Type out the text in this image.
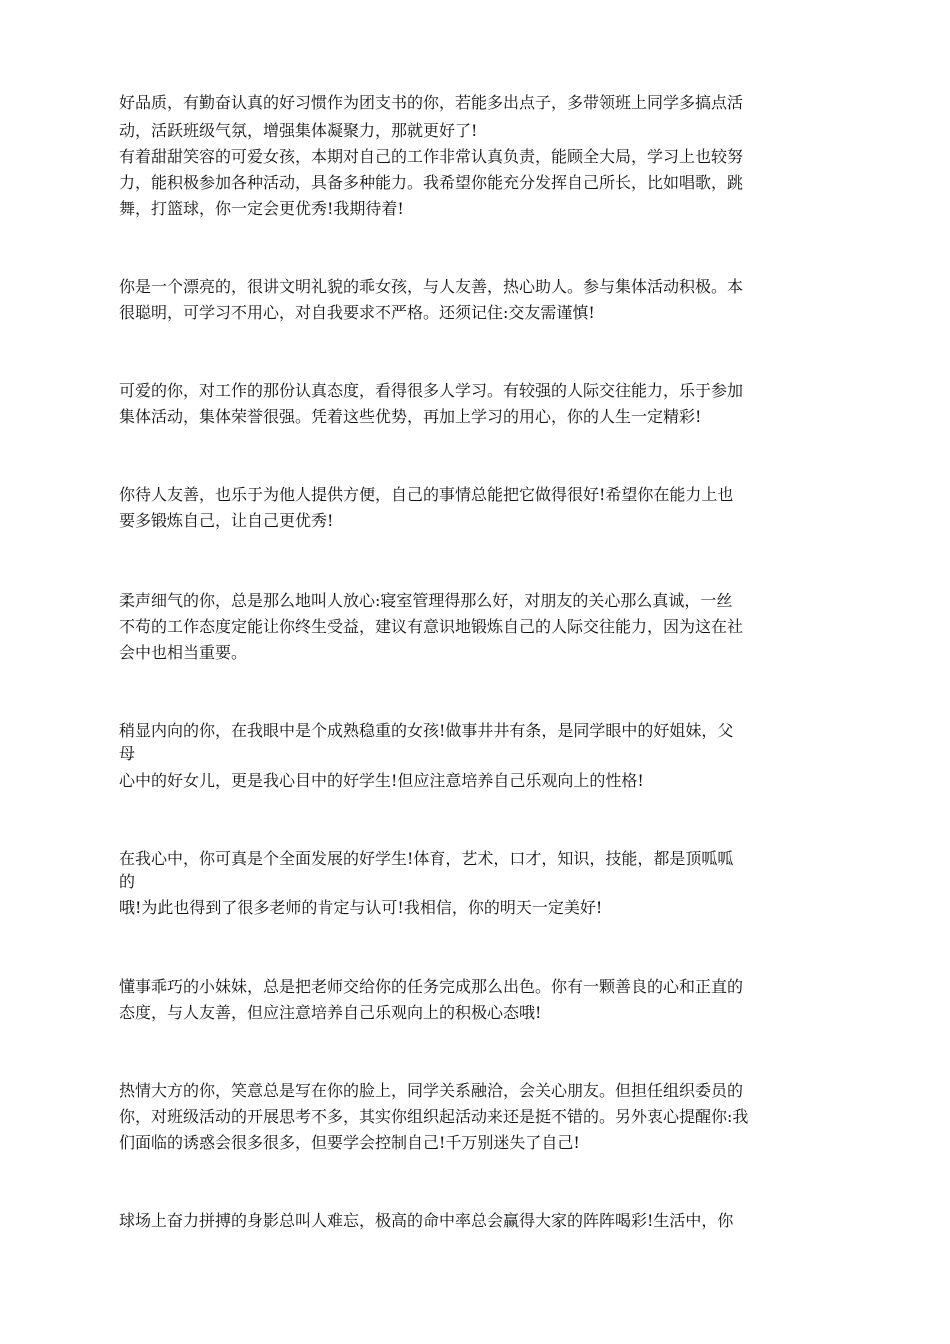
好品质，有勤奋认真的好习惯作为团支书的你，若能多出点子，多带领班上同学多搞点活
动，活跃班级气氛，增强集体凝聚力，那就更好了!
有着甜甜笑容的可爱女孩，本期对自己的工作非常认真负责，能顾全大局，学习上也较努
力，能积极参加各种活动，具备多种能力。我希望你能充分发挥自己所长，比如唱歌，跳
舞，打篮球，你一定会更优秀!我期待着!
你是一个漂亮的，很讲文明礼貌的乖女孩，与人友善，热心助人。参与集体活动积极。本
很聪明，可学习不用心，对自我要求不严格。还须记住:交友需谨慎!
可爱的你，对工作的那份认真态度，看得很多人学习。有较强的人际交往能力，乐于参加
集体活动，集体荣誉很强。凭着这些优势，再加上学习的用心，你的人生一定精彩!
你待人友善，也乐于为他人提供方便，自己的事情总能把它做得很好!希望你在能力上也
要多锻炼自己，让自己更优秀!
柔声细气的你，总是那么地叫人放心:寝室管理得那么好，对朋友的关心那么真诚，一丝
不苟的工作态度定能让你终生受益，建议有意识地锻炼自己的人际交往能力，因为这在社
会中也相当重要。
稍显内向的你，在我眼中是个成熟稳重的女孩!做事井井有条，是同学眼中的好姐妹，父
母
心中的好女儿，更是我心目中的好学生!但应注意培养自己乐观向上的性格!
在我心中，你可真是个全面发展的好学生!体育，艺术，口才，知识，技能，都是顶呱呱
的
哦!为此也得到了很多老师的肯定与认可!我相信，你的明天一定美好!
懂事乖巧的小妹妹，总是把老师交给你的任务完成那么出色。你有一颗善良的心和正直的
态度，与人友善，但应注意培养自己乐观向上的积极心态哦!
热情大方的你，笑意总是写在你的脸上，同学关系融洽，会关心朋友。但担任组织委员的
你，对班级活动的开展思考不多，其实你组织起活动来还是挺不错的。另外衷心提醒你:我
们面临的诱惑会很多很多，但要学会控制自己!千万别迷失了自己!
球场上奋力拼搏的身影总叫人难忘，极高的命中率总会赢得大家的阵阵喝彩!生活中，你
